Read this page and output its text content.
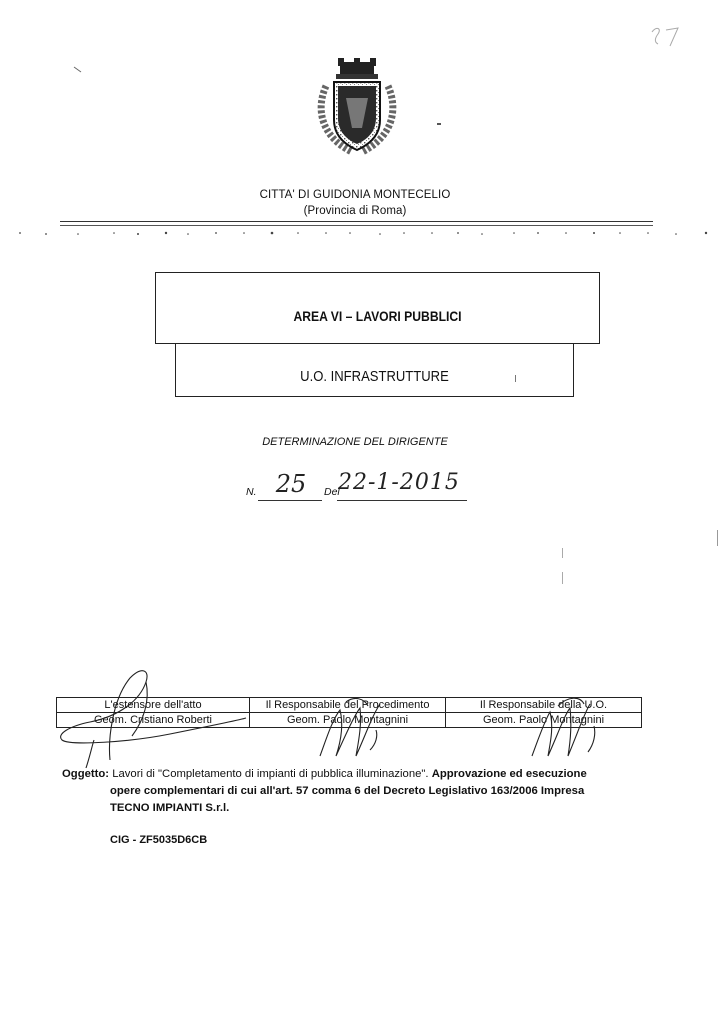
CITTA' DI GUIDONIA MONTECELIO
(Provincia di Roma)
AREA VI – LAVORI PUBBLICI
U.O. INFRASTRUTTURE
DETERMINAZIONE DEL DIRIGENTE
N. 25	Del
22-1-2015
L'estensore dell'atto	Il Responsabile del Procedimento	Il Responsabile della U.O.
Geom. Cristiano Roberti	Geom. Paolo Montagnini	Geom. Paolo Montagnini
Oggetto: Lavori di "Completamento di impianti di pubblica illuminazione". Approvazione ed esecuzione
opere complementari di cui all'art. 57 comma 6 del Decreto Legislativo 163/2006 Impresa
TECNO IMPIANTI S.r.l.
CIG - ZF5035D6CB
